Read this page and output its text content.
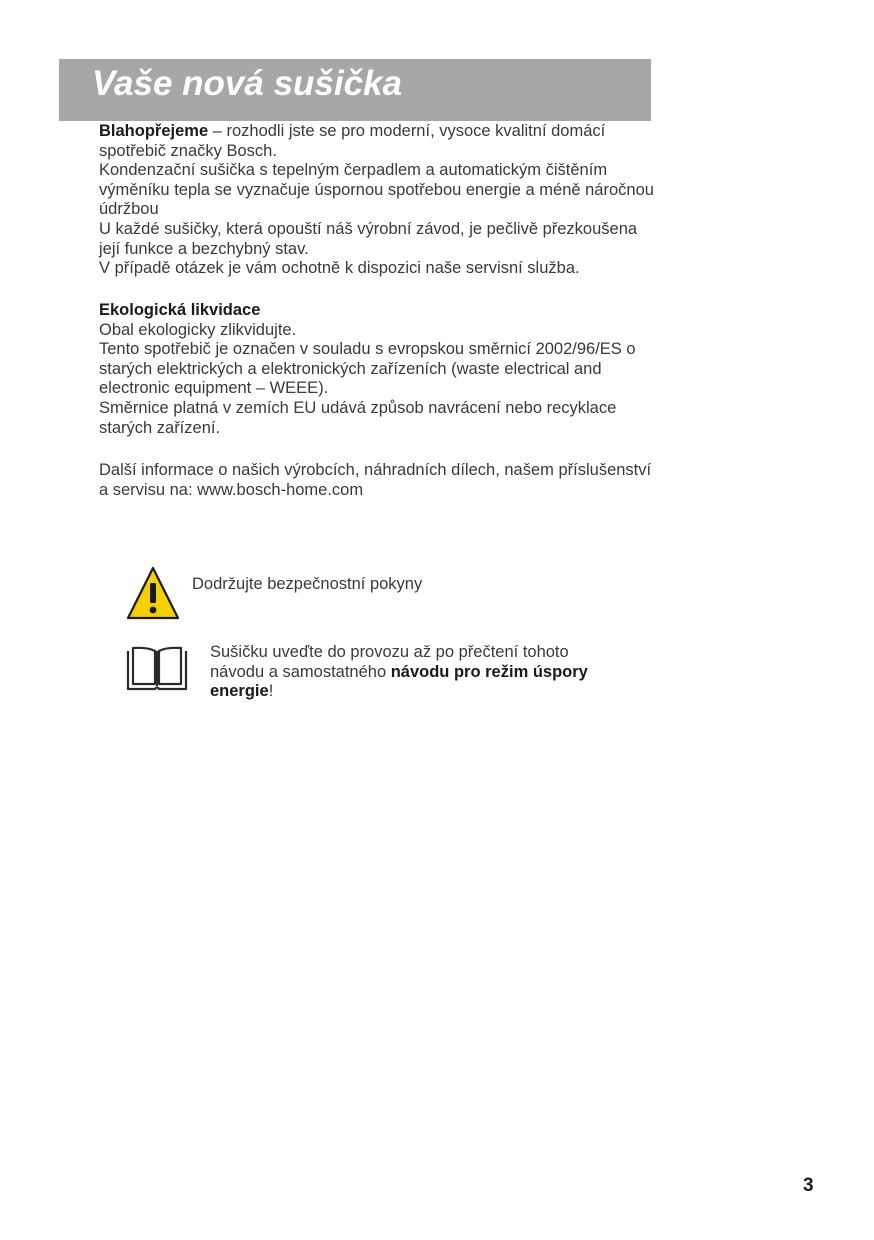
Vaše nová sušička

Blahopřejeme – rozhodli jste se pro moderní, vysoce kvalitní domácí spotřebič značky Bosch.

Kondenzační sušička s tepelným čerpadlem a automatickým čištěním výměníku tepla se vyznačuje úspornou spotřebou energie a méně náročnou údržbou

U každé sušičky, která opouští náš výrobní závod, je pečlivě přezkoušena její funkce a bezchybný stav.

V případě otázek je vám ochotně k dispozici naše servisní služba.

Ekologická likvidace

Obal ekologicky zlikvidujte.

Tento spotřebič je označen v souladu s evropskou směrnicí 2002/96/ES o starých elektrických a elektronických zařízeních (waste electrical and electronic equipment – WEEE).

Směrnice platná v zemích EU udává způsob navrácení nebo recyklace starých zařízení.

Další informace o našich výrobcích, náhradních dílech, našem příslušenství a servisu na: www.bosch-home.com

Dodržujte bezpečnostní pokyny
Sušičku uveďte do provozu až po přečtení tohoto návodu a samostatného návodu pro režim úspory energie!
3
